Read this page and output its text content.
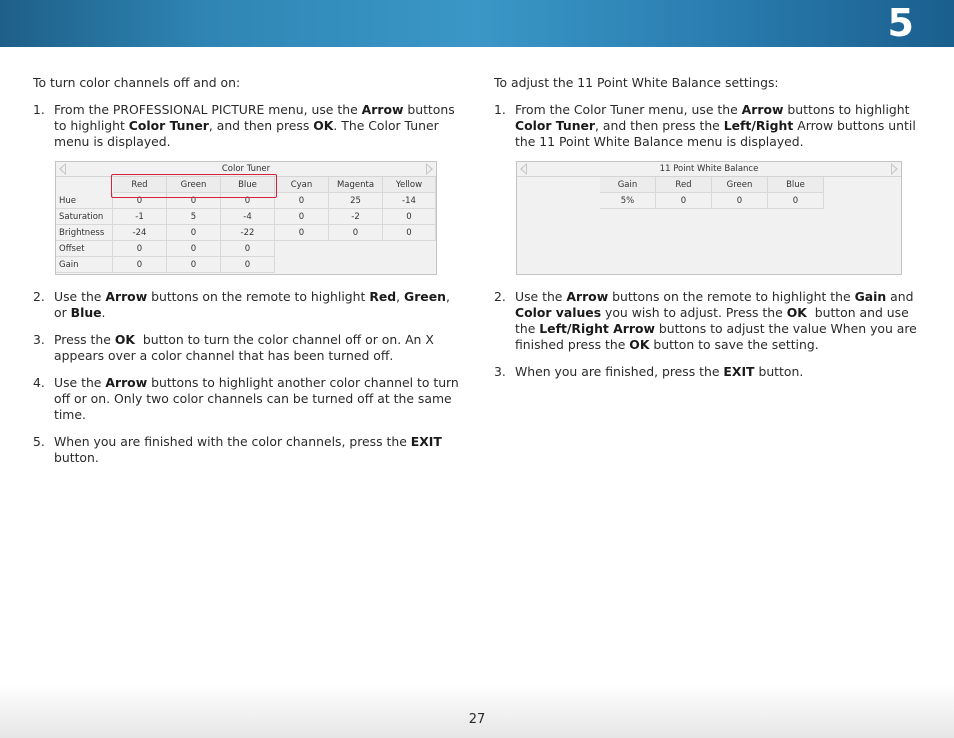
5

To turn color channels off and on:

1. From the PROFESSIONAL PICTURE menu, use the Arrow buttons to highlight Color Tuner, and then press OK. The Color Tuner menu is displayed.
Color Tuner
Red	Green	Blue	Cyan	Magenta	Yellow
Hue	0	0	0	0	25	-14
Saturation	-1	5	-4	0	-2	0
Brightness	-24	0	-22	0	0	0
Offset	0	0	0
Gain	0	0	0
2. Use the Arrow buttons on the remote to highlight Red, Green, or Blue.
3. Press the OK  button to turn the color channel off or on. An X appears over a color channel that has been turned off.
4. Use the Arrow buttons to highlight another color channel to turn off or on. Only two color channels can be turned off at the same time.
5. When you are finished with the color channels, press the EXIT button.

To adjust the 11 Point White Balance settings:

1. From the Color Tuner menu, use the Arrow buttons to highlight Color Tuner, and then press the Left/Right Arrow buttons until the 11 Point White Balance menu is displayed.
11 Point White Balance
Gain	Red	Green	Blue
5%	0	0	0
2. Use the Arrow buttons on the remote to highlight the Gain and Color values you wish to adjust. Press the OK  button and use the Left/Right Arrow buttons to adjust the value When you are finished press the OK button to save the setting.
3. When you are finished, press the EXIT button.
27
